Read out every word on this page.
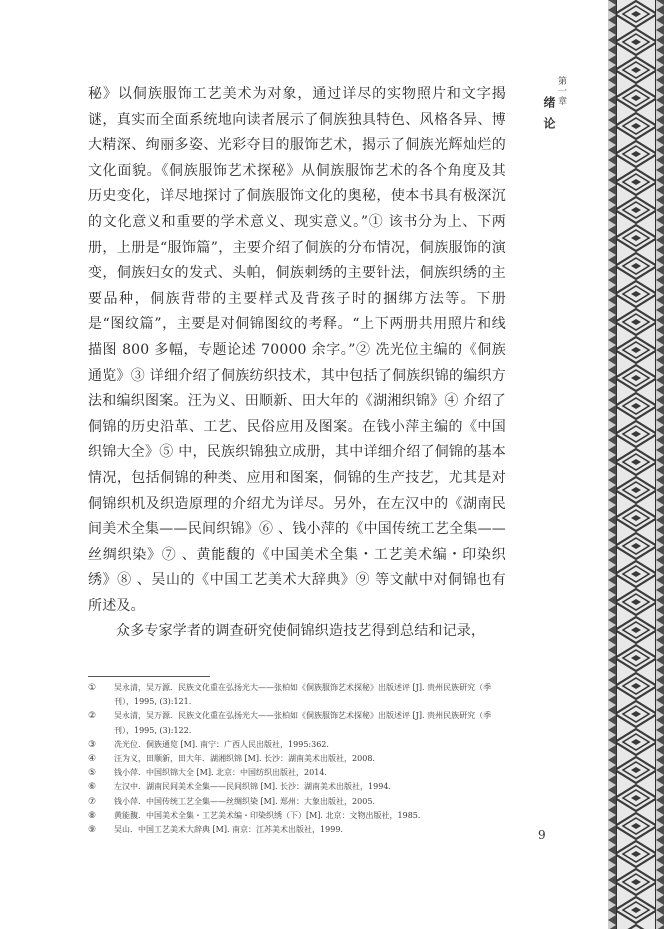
秘》以侗族服饰工艺美术为对象，通过详尽的实物照片和文字揭谜，真实而全面系统地向读者展示了侗族独具特色、风格各异、博大精深、绚丽多姿、光彩夺目的服饰艺术，揭示了侗族光辉灿烂的文化面貌。《侗族服饰艺术探秘》从侗族服饰艺术的各个角度及其历史变化，详尽地探讨了侗族服饰文化的奥秘，使本书具有极深沉的文化意义和重要的学术意义、现实意义。”① 该书分为上、下两册，上册是“服饰篇”，主要介绍了侗族的分布情况，侗族服饰的演变，侗族妇女的发式、头帕，侗族刺绣的主要针法，侗族织绣的主要品种，侗族背带的主要样式及背孩子时的捆绑方法等。下册是“图纹篇”，主要是对侗锦图纹的考释。“上下两册共用照片和线描图 800 多幅，专题论述 70000 余字。”② 冼光位主编的《侗族通览》③ 详细介绍了侗族纺织技术，其中包括了侗族织锦的编织方法和编织图案。汪为义、田顺新、田大年的《湖湘织锦》④ 介绍了侗锦的历史沿革、工艺、民俗应用及图案。在钱小萍主编的《中国织锦大全》⑤ 中，民族织锦独立成册，其中详细介绍了侗锦的基本情况，包括侗锦的种类、应用和图案，侗锦的生产技艺，尤其是对侗锦织机及织造原理的介绍尤为详尽。另外，在左汉中的《湖南民间美术全集——民间织锦》⑥ 、钱小萍的《中国传统工艺全集——丝绸织染》⑦ 、黄能馥的《中国美术全集・工艺美术编・印染织绣》⑧ 、吴山的《中国工艺美术大辞典》⑨ 等文献中对侗锦也有所述及。

众多专家学者的调查研究使侗锦织造技艺得到总结和记录，

①	吴永清，吴万源．民族文化重在弘扬光大——张柏如《侗族服饰艺术探秘》出版述评 [J]. 贵州民族研究（季刊），1995, (3):121.
②	吴永清，吴万源．民族文化重在弘扬光大——张柏如《侗族服饰艺术探秘》出版述评 [J]. 贵州民族研究（季刊），1995, (3):122.
③	冼光位．侗族通览 [M]. 南宁：广西人民出版社，1995:362.
④	汪为义，田顺新，田大年．湖湘织锦 [M]. 长沙：湖南美术出版社，2008.
⑤	钱小萍．中国织锦大全 [M]. 北京：中国纺织出版社，2014.
⑥	左汉中．湖南民间美术全集——民间织锦 [M]. 长沙：湖南美术出版社，1994.
⑦	钱小萍．中国传统工艺全集——丝绸织染 [M]. 郑州：大象出版社，2005.
⑧	黄能馥．中国美术全集・工艺美术编・印染织绣（下）[M]. 北京：文物出版社，1985.
⑨	吴山．中国工艺美术大辞典 [M]. 南京：江苏美术出版社，1999.
第一章
绪论
9
